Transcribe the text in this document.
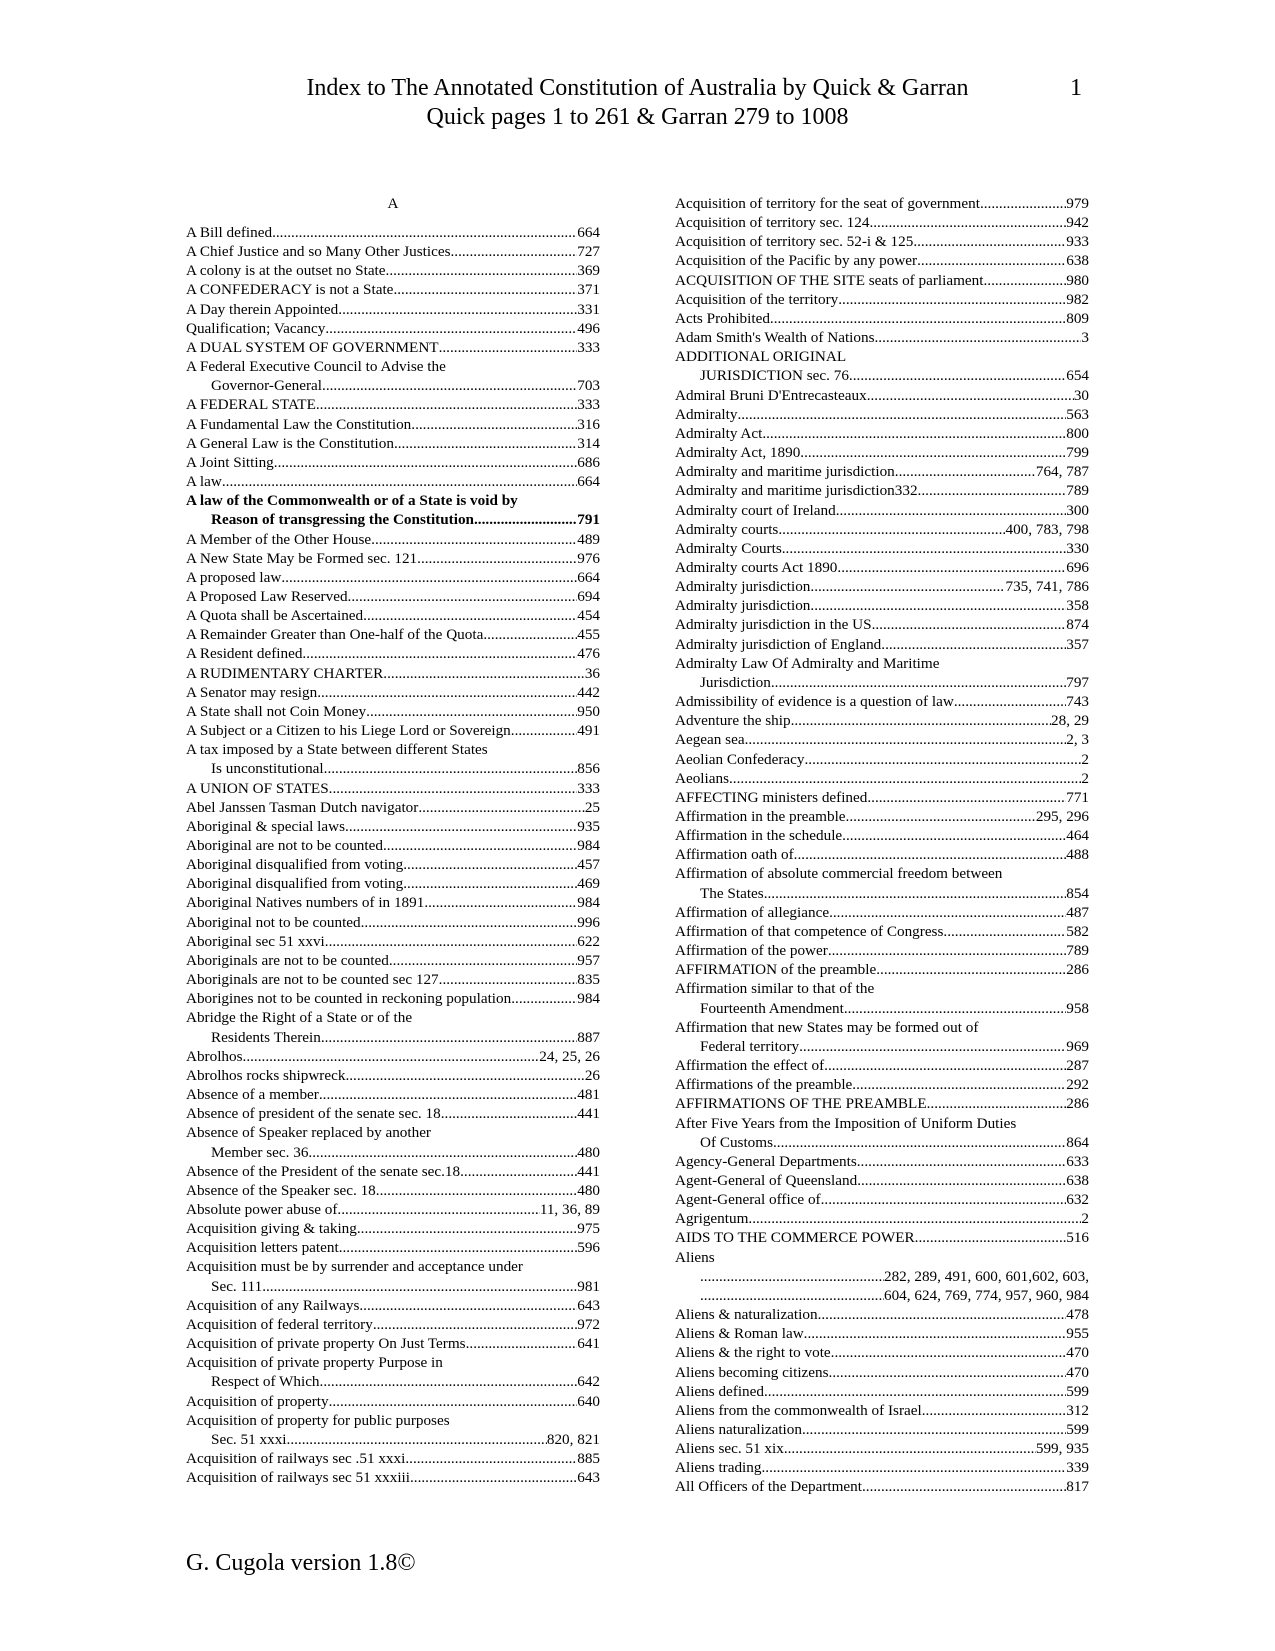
Index to The Annotated Constitution of Australia by Quick & Garran
Quick pages 1 to 261 & Garran 279 to 1008
1
A
A Bill defined .....	664
A Chief Justice and so Many Other Justices .....	727
A colony is at the outset no State .....	369
A CONFEDERACY is not a State .....	371
A Day therein Appointed .....	331
Qualification; Vacancy .....	496
A DUAL SYSTEM OF GOVERNMENT .....	333
A Federal Executive Council to Advise the
Governor-General .....	703
A FEDERAL STATE .....	333
A Fundamental Law the Constitution .....	316
A General Law is the Constitution .....	314
A Joint Sitting .....	686
A law .....	664
A law of the Commonwealth or of a State is void by
Reason of transgressing the Constitution .....	791
A Member of the Other House .....	489
A New State May be Formed sec. 121 .....	976
A proposed law .....	664
A Proposed Law Reserved .....	694
A Quota shall be Ascertained .....	454
A Remainder Greater than One-half of the Quota .....	455
A Resident defined .....	476
A RUDIMENTARY CHARTER .....	36
A Senator may resign .....	442
A State shall not Coin Money .....	950
A Subject or a Citizen to his Liege Lord or Sovereign .....	491
A tax imposed by a State between different States
Is unconstitutional .....	856
A UNION OF STATES .....	333
Abel Janssen Tasman Dutch navigator .....	25
Aboriginal & special laws .....	935
Aboriginal are not to be counted .....	984
Aboriginal disqualified from voting .....	457
Aboriginal disqualified from voting .....	469
Aboriginal Natives numbers of in 1891 .....	984
Aboriginal not to be counted .....	996
Aboriginal sec 51 xxvi .....	622
Aboriginals are not to be counted .....	957
Aboriginals are not to be counted sec 127 .....	835
Aborigines not to be counted in reckoning population .....	984
Abridge the Right of a State or of the
Residents Therein .....	887
Abrolhos .....	24, 25, 26
Abrolhos rocks shipwreck .....	26
Absence of a member .....	481
Absence of president of the senate sec. 18 .....	441
Absence of Speaker replaced by another
Member sec. 36 .....	480
Absence of the President of the senate sec.18 .....	441
Absence of the Speaker sec. 18 .....	480
Absolute power abuse of .....	11, 36, 89
Acquisition giving & taking .....	975
Acquisition letters patent .....	596
Acquisition must be by surrender and acceptance under
Sec. 111 .....	981
Acquisition of any Railways .....	643
Acquisition of federal territory .....	972
Acquisition of private property On Just Terms .....	641
Acquisition of private property Purpose in
Respect of Which .....	642
Acquisition of property .....	640
Acquisition of property for public purposes
Sec. 51 xxxi .....	820, 821
Acquisition of railways sec .51 xxxi .....	885
Acquisition of railways sec 51 xxxiii .....	643
Acquisition of territory for the seat of government .....	979
Acquisition of territory sec. 124 .....	942
Acquisition of territory sec. 52-i & 125 .....	933
Acquisition of the Pacific by any power .....	638
ACQUISITION OF THE SITE seats of parliament .....	980
Acquisition of the territory .....	982
Acts Prohibited .....	809
Adam Smith's Wealth of Nations .....	3
ADDITIONAL ORIGINAL
JURISDICTION sec. 76 .....	654
Admiral Bruni D'Entrecasteaux .....	30
Admiralty .....	563
Admiralty Act .....	800
Admiralty Act, 1890 .....	799
Admiralty and maritime jurisdiction .....	764, 787
Admiralty and maritime jurisdiction332 .....	789
Admiralty court of Ireland .....	300
Admiralty courts .....	400, 783, 798
Admiralty Courts .....	330
Admiralty courts Act 1890 .....	696
Admiralty jurisdiction .....	735, 741, 786
Admiralty jurisdiction .....	358
Admiralty jurisdiction in the US .....	874
Admiralty jurisdiction of England .....	357
Admiralty Law Of Admiralty and Maritime
Jurisdiction .....	797
Admissibility of evidence is a question of law .....	743
Adventure the ship .....	28, 29
Aegean sea .....	2, 3
Aeolian Confederacy .....	2
Aeolians .....	2
AFFECTING ministers defined .....	771
Affirmation in the preamble .....	295, 296
Affirmation in the schedule .....	464
Affirmation oath of .....	488
Affirmation of absolute commercial freedom between
The States .....	854
Affirmation of allegiance .....	487
Affirmation of that competence of Congress .....	582
Affirmation of the power .....	789
AFFIRMATION of the preamble .....	286
Affirmation similar to that of the
Fourteenth Amendment .....	958
Affirmation that new States may be formed out of
Federal territory .....	969
Affirmation the effect of .....	287
Affirmations of the preamble .....	292
AFFIRMATIONS OF THE PREAMBLE .....	286
After Five Years from the Imposition of Uniform Duties
Of Customs .....	864
Agency-General Departments .....	633
Agent-General of Queensland .....	638
Agent-General office of .....	632
Agrigentum .....	2
AIDS TO THE COMMERCE POWER .....	516
Aliens
.....
282, 289, 491, 600, 601,602, 603,
.....
604, 624, 769, 774, 957, 960, 984
Aliens & naturalization .....	478
Aliens & Roman law .....	955
Aliens & the right to vote .....	470
Aliens becoming citizens .....	470
Aliens defined .....	599
Aliens from the commonwealth of Israel .....	312
Aliens naturalization .....	599
Aliens sec. 51 xix .....	599, 935
Aliens trading .....	339
All Officers of the Department .....	817
G. Cugola version 1.8©
